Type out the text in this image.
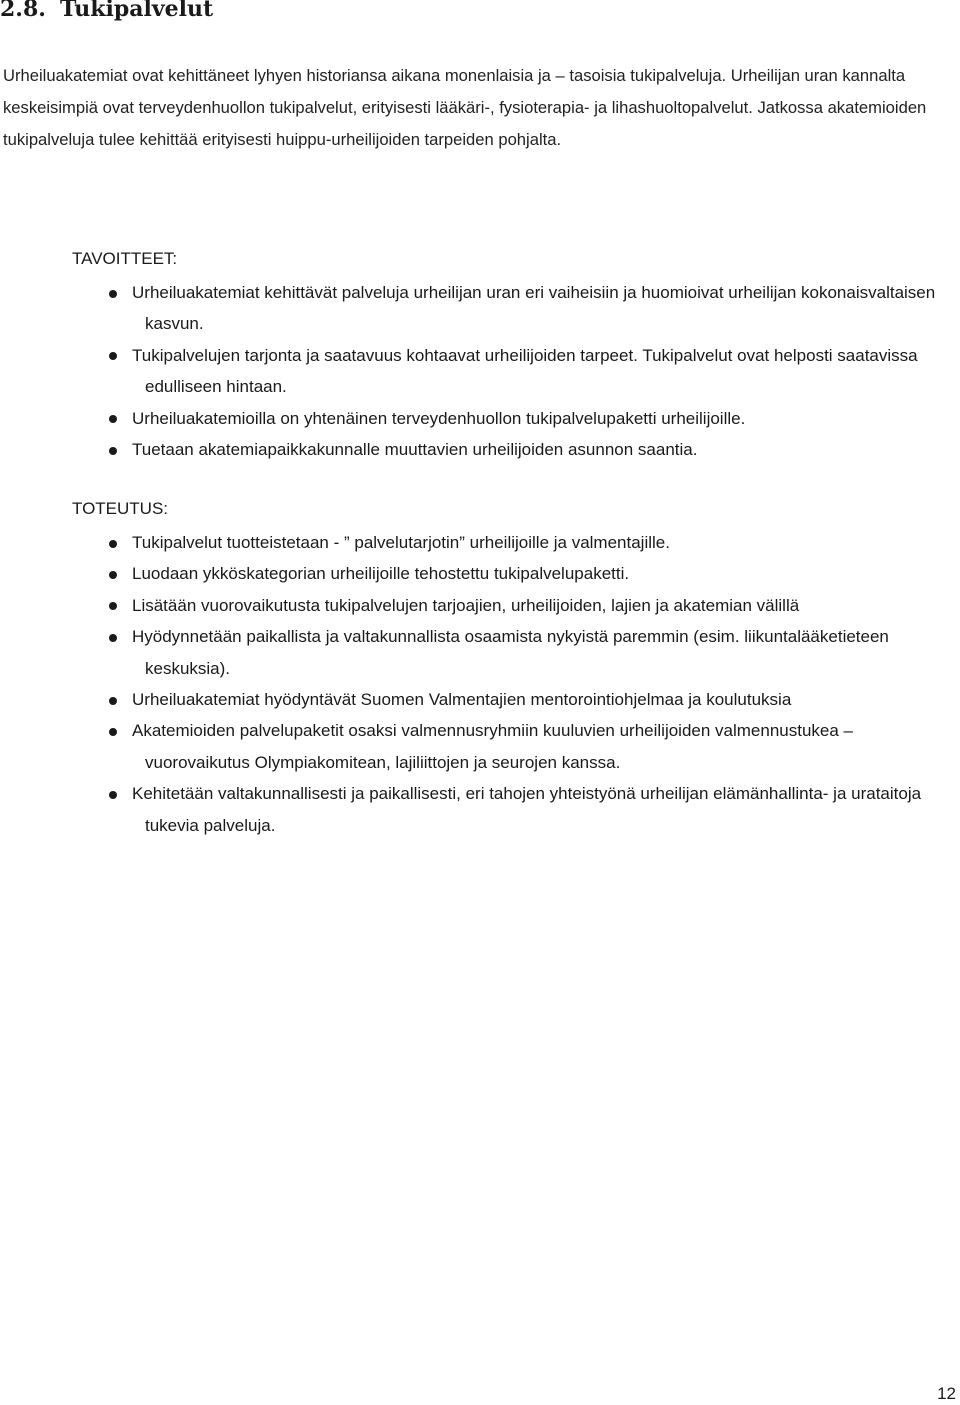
2.8. Tukipalvelut

Urheiluakatemiat ovat kehittäneet lyhyen historiansa aikana monenlaisia ja – tasoisia tukipalveluja. Urheilijan uran kannalta keskeisimpiä ovat terveydenhuollon tukipalvelut, erityisesti lääkäri-, fysioterapia- ja lihashuoltopalvelut. Jatkossa akatemioiden tukipalveluja tulee kehittää erityisesti huippu-urheilijoiden tarpeiden pohjalta.

TAVOITTEET:

Urheiluakatemiat kehittävät palveluja urheilijan uran eri vaiheisiin ja huomioivat urheilijan kokonaisvaltaisen kasvun.
Tukipalvelujen tarjonta ja saatavuus kohtaavat urheilijoiden tarpeet. Tukipalvelut ovat helposti saatavissa edulliseen hintaan.
Urheiluakatemioilla on yhtenäinen terveydenhuollon tukipalvelupaketti urheilijoille.
Tuetaan akatemiapaikkakunnalle muuttavien urheilijoiden asunnon saantia.

TOTEUTUS:

Tukipalvelut tuotteistetaan - ” palvelutarjotin” urheilijoille ja valmentajille.
Luodaan ykköskategorian urheilijoille tehostettu tukipalvelupaketti.
Lisätään vuorovaikutusta tukipalvelujen tarjoajien, urheilijoiden, lajien ja akatemian välillä
Hyödynnetään paikallista ja valtakunnallista osaamista nykyistä paremmin (esim. liikuntalääketieteen keskuksia).
Urheiluakatemiat hyödyntävät Suomen Valmentajien mentorointiohjelmaa ja koulutuksia
Akatemioiden palvelupaketit osaksi valmennusryhmiin kuuluvien urheilijoiden valmennustukea – vuorovaikutus Olympiakomitean, lajiliittojen ja seurojen kanssa.
Kehitetään valtakunnallisesti ja paikallisesti, eri tahojen yhteistyönä urheilijan elämänhallinta- ja urataitoja tukevia palveluja.

12
